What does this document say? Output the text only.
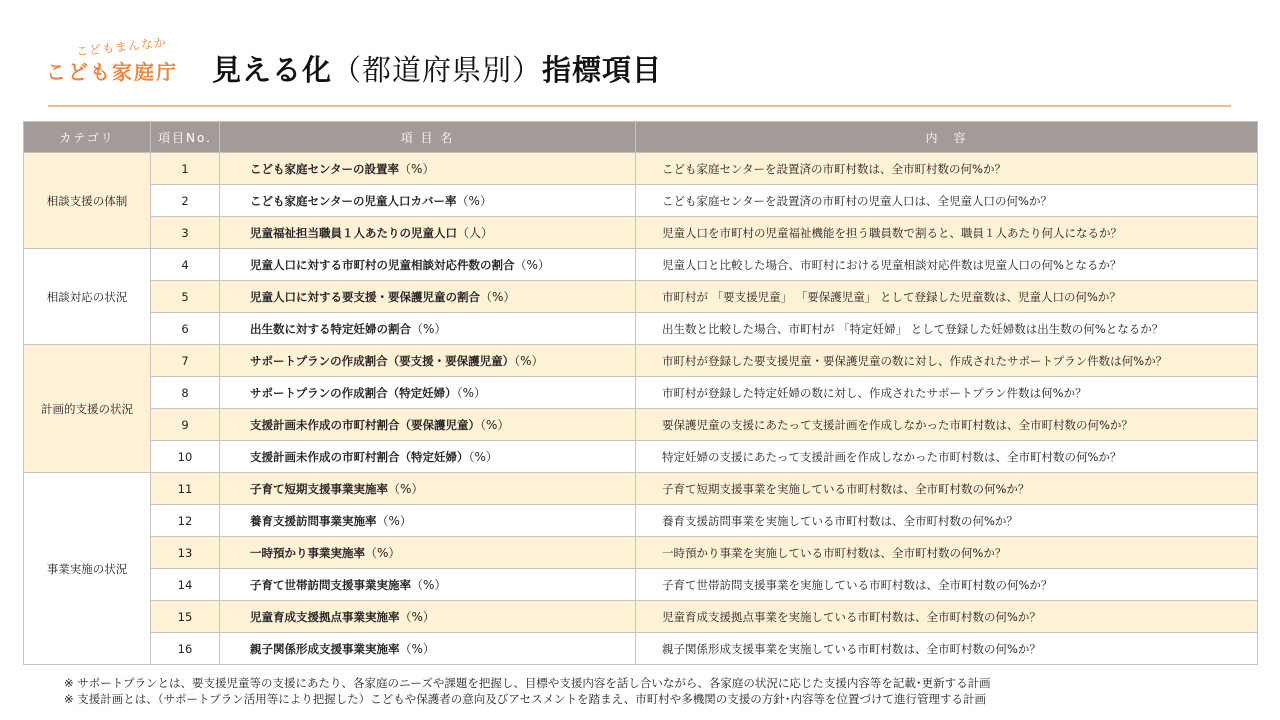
こどもまんなか
こども家庭庁 見える化（都道府県別）指標項目
カテゴリ	項目No.	項 目 名	内　容
相談支援の体制	1	こども家庭センターの設置率（%）	こども家庭センターを設置済の市町村数は、全市町村数の何%か？
	2	こども家庭センターの児童人口カバー率（%）	こども家庭センターを設置済の市町村の児童人口は、全児童人口の何%か？
	3	児童福祉担当職員１人あたりの児童人口（人）	児童人口を市町村の児童福祉機能を担う職員数で割ると、職員１人あたり何人になるか？
相談対応の状況	4	児童人口に対する市町村の児童相談対応件数の割合（%）	児童人口と比較した場合、市町村における児童相談対応件数は児童人口の何%となるか？
	5	児童人口に対する要支援・要保護児童の割合（%）	市町村が 「要支援児童」 「要保護児童」 として登録した児童数は、児童人口の何%か？
	6	出生数に対する特定妊婦の割合（%）	出生数と比較した場合、市町村が 「特定妊婦」 として登録した妊婦数は出生数の何%となるか？
計画的支援の状況	7	サポートプランの作成割合（要支援・要保護児童）（%）	市町村が登録した要支援児童・要保護児童の数に対し、作成されたサポートプラン件数は何%か？
	8	サポートプランの作成割合（特定妊婦）（%）	市町村が登録した特定妊婦の数に対し、作成されたサポートプラン件数は何%か？
	9	支援計画未作成の市町村割合（要保護児童）（%）	要保護児童の支援にあたって支援計画を作成しなかった市町村数は、全市町村数の何%か？
	10	支援計画未作成の市町村割合（特定妊婦）（%）	特定妊婦の支援にあたって支援計画を作成しなかった市町村数は、全市町村数の何%か？
事業実施の状況	11	子育て短期支援事業実施率（%）	子育て短期支援事業を実施している市町村数は、全市町村数の何%か？
	12	養育支援訪問事業実施率（%）	養育支援訪問事業を実施している市町村数は、全市町村数の何%か？
	13	一時預かり事業実施率（%）	一時預かり事業を実施している市町村数は、全市町村数の何%か？
	14	子育て世帯訪問支援事業実施率（%）	子育て世帯訪問支援事業を実施している市町村数は、全市町村数の何%か？
	15	児童育成支援拠点事業実施率（%）	児童育成支援拠点事業を実施している市町村数は、全市町村数の何%か？
	16	親子関係形成支援事業実施率（%）	親子関係形成支援事業を実施している市町村数は、全市町村数の何%か？
※ サポートプランとは、要支援児童等の支援にあたり、各家庭のニーズや課題を把握し、目標や支援内容を話し合いながら、各家庭の状況に応じた支援内容等を記載･更新する計画
※ 支援計画とは、（サポートプラン活用等により把握した）こどもや保護者の意向及びアセスメントを踏まえ、市町村や多機関の支援の方針･内容等を位置づけて進行管理する計画
